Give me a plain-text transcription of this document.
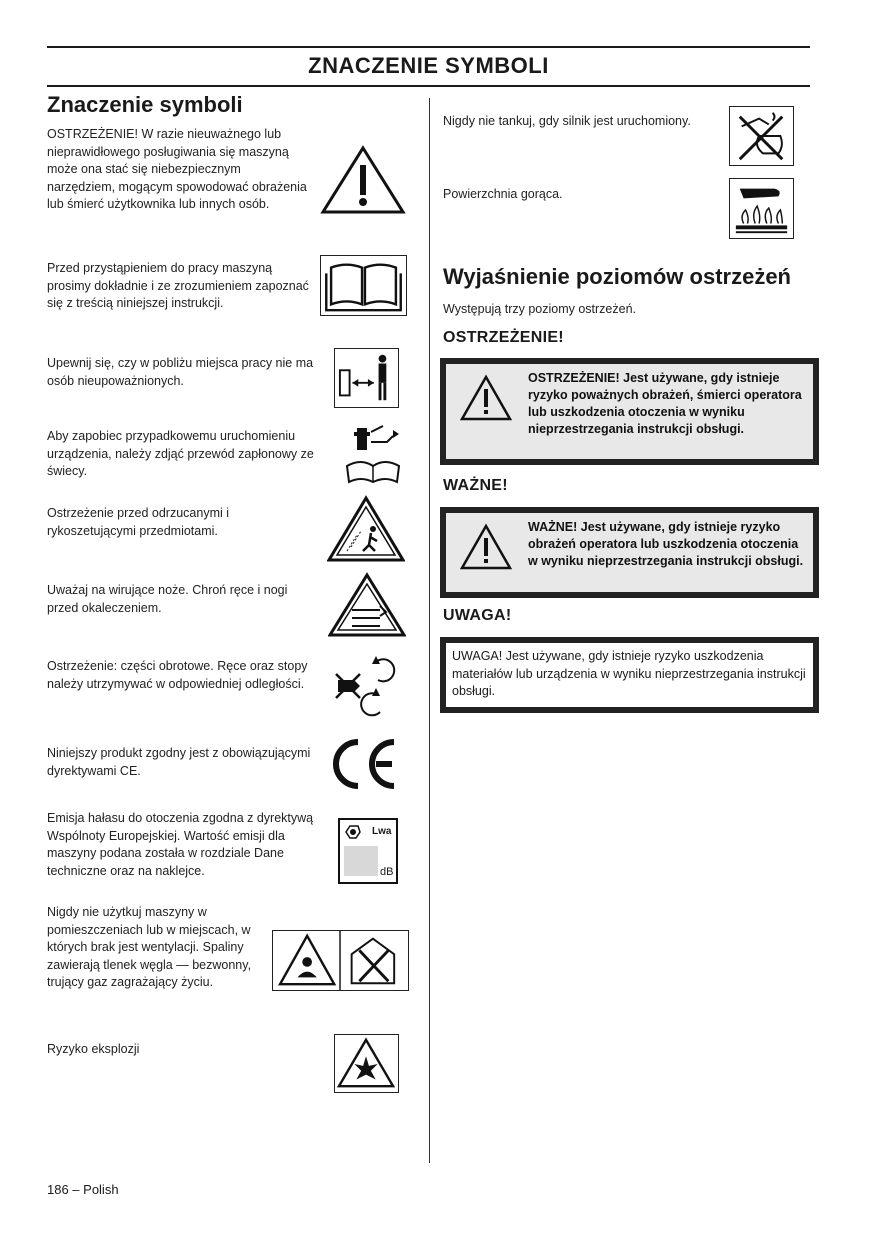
ZNACZENIE SYMBOLI
Znaczenie symboli
OSTRZEŻENIE! W razie nieuważnego lub nieprawidłowego posługiwania się maszyną może ona stać się niebezpiecznym narzędziem, mogącym spowodować obrażenia lub śmierć użytkownika lub innych osób.
Przed przystąpieniem do pracy maszyną prosimy dokładnie i ze zrozumieniem zapoznać się z treścią niniejszej instrukcji.
Upewnij się, czy w pobliżu miejsca pracy nie ma osób nieupoważnionych.
Aby zapobiec przypadkowemu uruchomieniu urządzenia, należy zdjąć przewód zapłonowy ze świecy.
Ostrzeżenie przed odrzucanymi i rykoszetującymi przedmiotami.
Uważaj na wirujące noże. Chroń ręce i nogi przed okaleczeniem.
Ostrzeżenie: części obrotowe. Ręce oraz stopy należy utrzymywać w odpowiedniej odległości.
Niniejszy produkt zgodny jest z obowiązującymi dyrektywami CE.
Emisja hałasu do otoczenia zgodna z dyrektywą Wspólnoty Europejskiej. Wartość emisji dla maszyny podana została w rozdziale Dane techniczne oraz na naklejce.
Lwa
dB
Nigdy nie użytkuj maszyny w pomieszczeniach lub w miejscach, w których brak jest wentylacji. Spaliny zawierają tlenek węgla — bezwonny, trujący gaz zagrażający życiu.
Ryzyko eksplozji
Nigdy nie tankuj, gdy silnik jest uruchomiony.
Powierzchnia gorąca.
Wyjaśnienie poziomów ostrzeżeń
Występują trzy poziomy ostrzeżeń.
OSTRZEŻENIE!
OSTRZEŻENIE! Jest używane, gdy istnieje ryzyko poważnych obrażeń, śmierci operatora lub uszkodzenia otoczenia w wyniku nieprzestrzegania instrukcji obsługi.
WAŻNE!
WAŻNE! Jest używane, gdy istnieje ryzyko obrażeń operatora lub uszkodzenia otoczenia w wyniku nieprzestrzegania instrukcji obsługi.
UWAGA!
UWAGA! Jest używane, gdy istnieje ryzyko uszkodzenia materiałów lub urządzenia w wyniku nieprzestrzegania instrukcji obsługi.
186 – Polish
